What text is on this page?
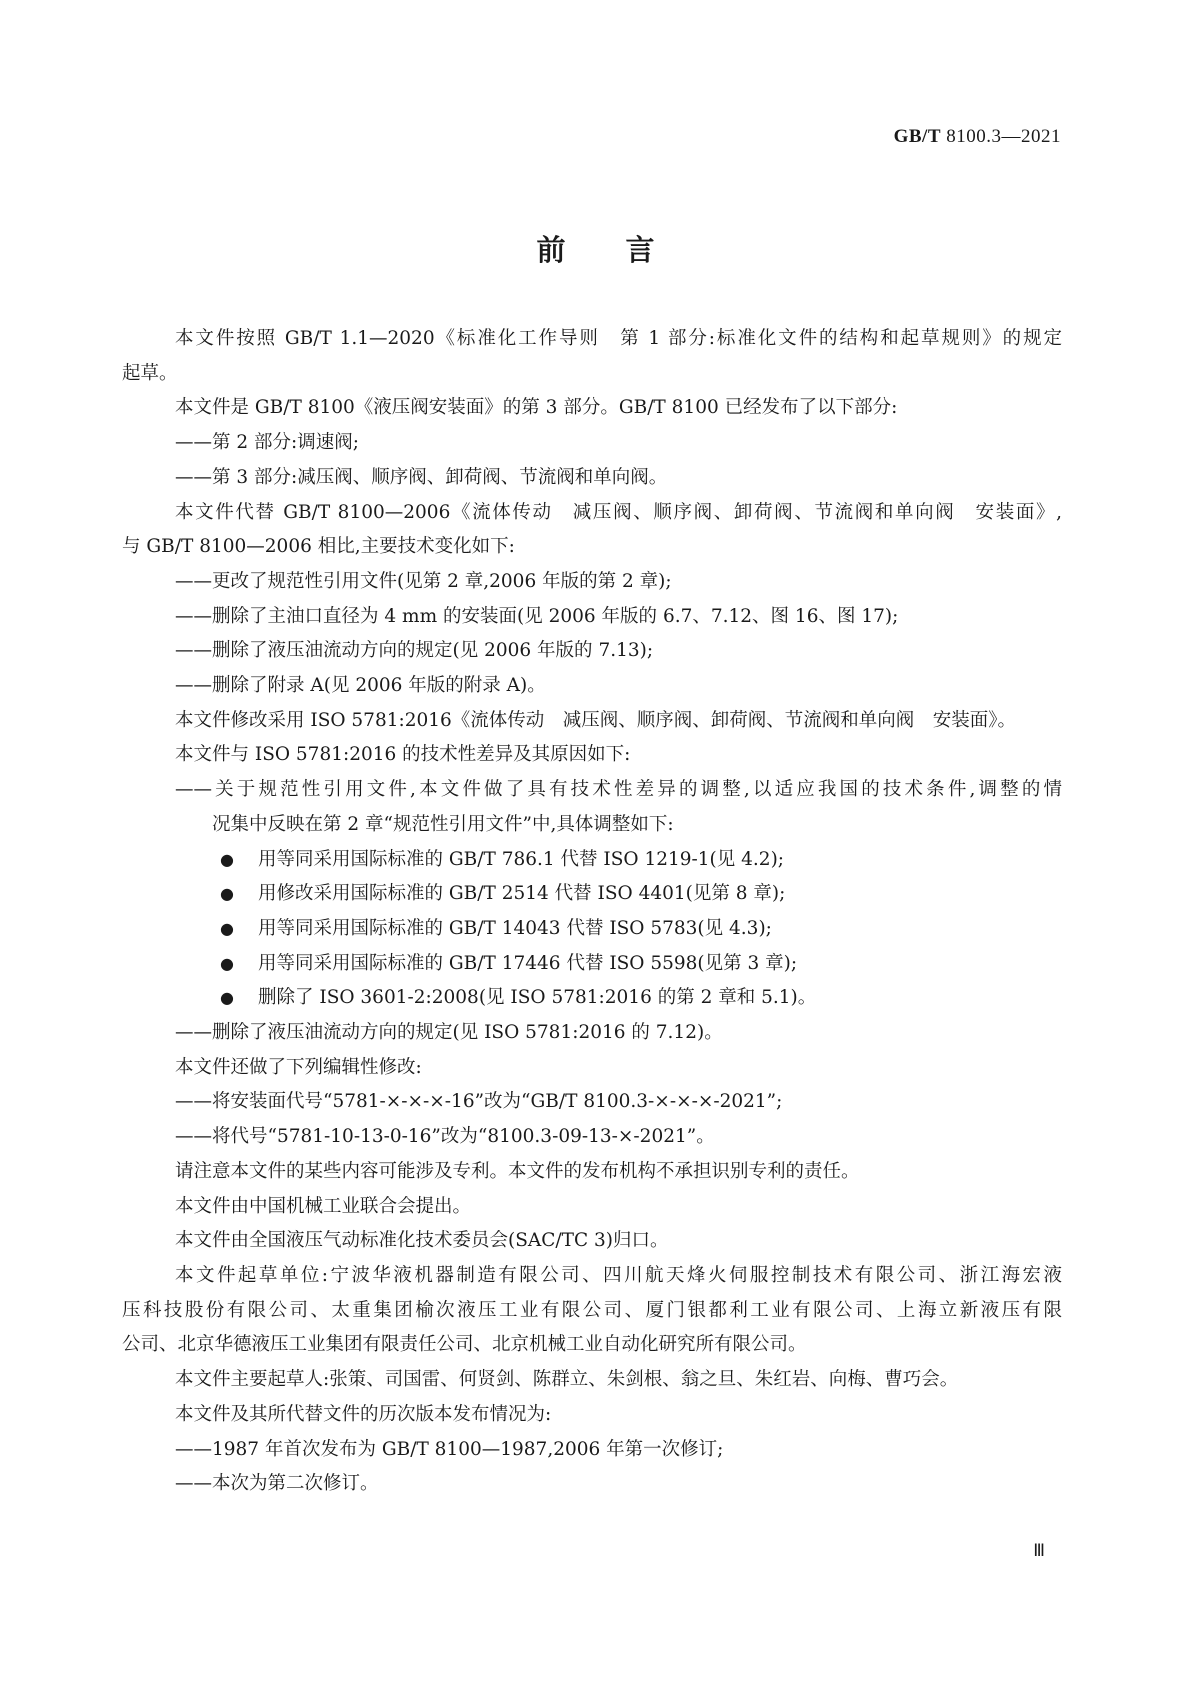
GB/T 8100.3—2021
前言

本文件按照 GB/T 1.1—2020《标准化工作导则　第 1 部分:标准化文件的结构和起草规则》的规定

起草。

本文件是 GB/T 8100《液压阀安装面》的第 3 部分。GB/T 8100 已经发布了以下部分:

——第 2 部分:调速阀;

——第 3 部分:减压阀、顺序阀、卸荷阀、节流阀和单向阀。

本文件代替 GB/T 8100—2006《流体传动　减压阀、顺序阀、卸荷阀、节流阀和单向阀　安装面》,

与 GB/T 8100—2006 相比,主要技术变化如下:

——更改了规范性引用文件(见第 2 章,2006 年版的第 2 章);

——删除了主油口直径为 4 mm 的安装面(见 2006 年版的 6.7、7.12、图 16、图 17);

——删除了液压油流动方向的规定(见 2006 年版的 7.13);

——删除了附录 A(见 2006 年版的附录 A)。

本文件修改采用 ISO 5781:2016《流体传动　减压阀、顺序阀、卸荷阀、节流阀和单向阀　安装面》。

本文件与 ISO 5781:2016 的技术性差异及其原因如下:

——关于规范性引用文件,本文件做了具有技术性差异的调整,以适应我国的技术条件,调整的情

况集中反映在第 2 章“规范性引用文件”中,具体调整如下:

●	用等同采用国际标准的 GB/T 786.1 代替 ISO 1219-1(见 4.2);

●	用修改采用国际标准的 GB/T 2514 代替 ISO 4401(见第 8 章);

●	用等同采用国际标准的 GB/T 14043 代替 ISO 5783(见 4.3);

●	用等同采用国际标准的 GB/T 17446 代替 ISO 5598(见第 3 章);

●	删除了 ISO 3601-2:2008(见 ISO 5781:2016 的第 2 章和 5.1)。

——删除了液压油流动方向的规定(见 ISO 5781:2016 的 7.12)。

本文件还做了下列编辑性修改:

——将安装面代号“5781-×-×-×-16”改为“GB/T 8100.3-×-×-×-2021”;

——将代号“5781-10-13-0-16”改为“8100.3-09-13-×-2021”。

请注意本文件的某些内容可能涉及专利。本文件的发布机构不承担识别专利的责任。

本文件由中国机械工业联合会提出。

本文件由全国液压气动标准化技术委员会(SAC/TC 3)归口。

本文件起草单位:宁波华液机器制造有限公司、四川航天烽火伺服控制技术有限公司、浙江海宏液

压科技股份有限公司、太重集团榆次液压工业有限公司、厦门银都利工业有限公司、上海立新液压有限

公司、北京华德液压工业集团有限责任公司、北京机械工业自动化研究所有限公司。

本文件主要起草人:张策、司国雷、何贤剑、陈群立、朱剑根、翁之旦、朱红岩、向梅、曹巧会。

本文件及其所代替文件的历次版本发布情况为:

——1987 年首次发布为 GB/T 8100—1987,2006 年第一次修订;

——本次为第二次修订。

Ⅲ
